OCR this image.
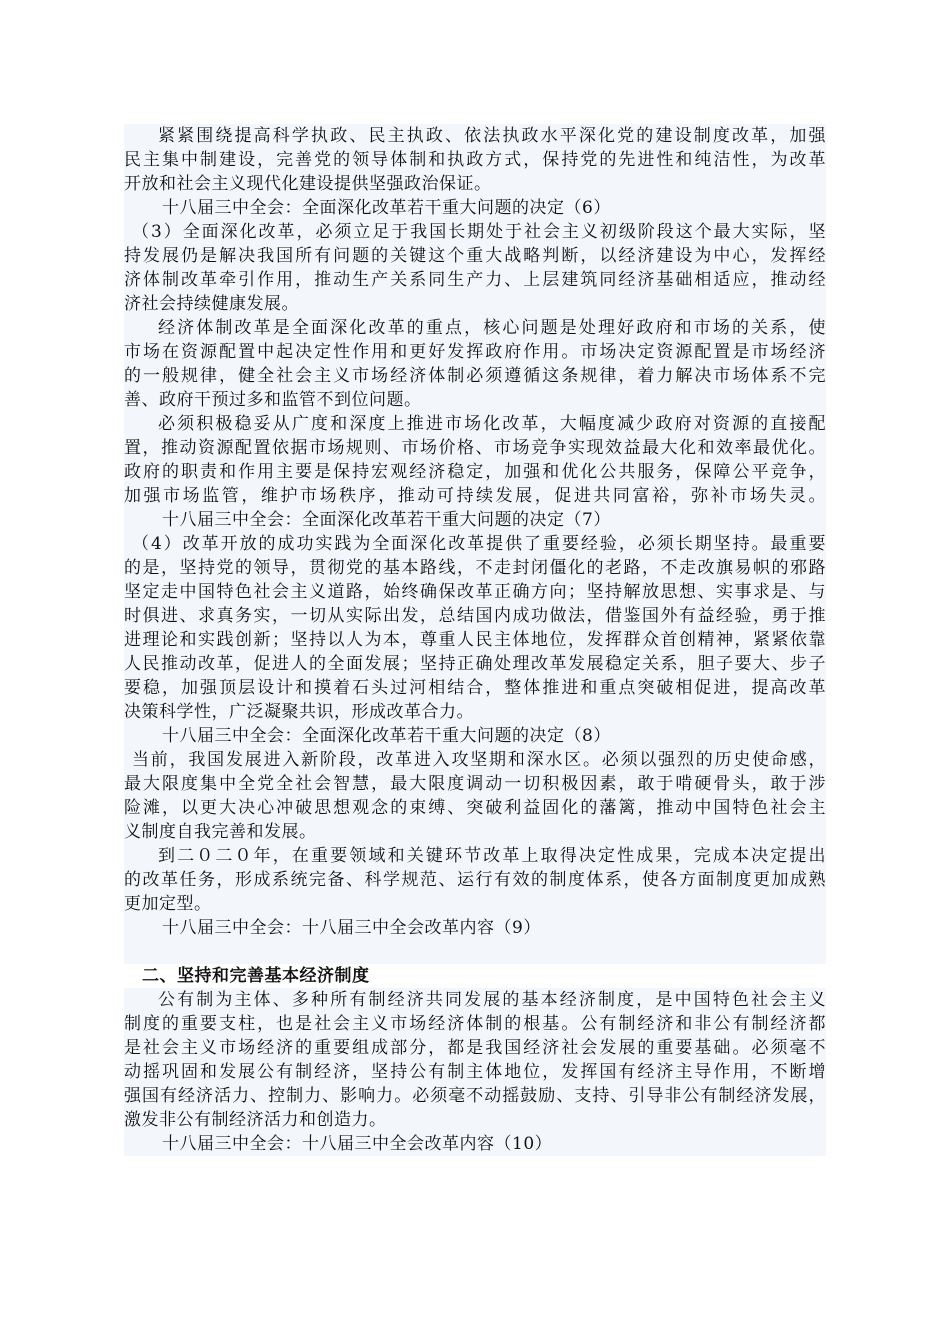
紧紧围绕提高科学执政、民主执政、依法执政水平深化党的建设制度改革，加强
民主集中制建设，完善党的领导体制和执政方式，保持党的先进性和纯洁性，为改革
开放和社会主义现代化建设提供坚强政治保证。
十八届三中全会：全面深化改革若干重大问题的决定（6）
（3）全面深化改革，必须立足于我国长期处于社会主义初级阶段这个最大实际，坚
持发展仍是解决我国所有问题的关键这个重大战略判断，以经济建设为中心，发挥经
济体制改革牵引作用，推动生产关系同生产力、上层建筑同经济基础相适应，推动经
济社会持续健康发展。
经济体制改革是全面深化改革的重点，核心问题是处理好政府和市场的关系，使
市场在资源配置中起决定性作用和更好发挥政府作用。市场决定资源配置是市场经济
的一般规律，健全社会主义市场经济体制必须遵循这条规律，着力解决市场体系不完
善、政府干预过多和监管不到位问题。
必须积极稳妥从广度和深度上推进市场化改革，大幅度减少政府对资源的直接配
置，推动资源配置依据市场规则、市场价格、市场竞争实现效益最大化和效率最优化。
政府的职责和作用主要是保持宏观经济稳定，加强和优化公共服务，保障公平竞争，
加强市场监管，维护市场秩序，推动可持续发展，促进共同富裕，弥补市场失灵。
十八届三中全会：全面深化改革若干重大问题的决定（7）
（4）改革开放的成功实践为全面深化改革提供了重要经验，必须长期坚持。最重要
的是，坚持党的领导，贯彻党的基本路线，不走封闭僵化的老路，不走改旗易帜的邪路
坚定走中国特色社会主义道路，始终确保改革正确方向；坚持解放思想、实事求是、与
时俱进、求真务实，一切从实际出发，总结国内成功做法，借鉴国外有益经验，勇于推
进理论和实践创新；坚持以人为本，尊重人民主体地位，发挥群众首创精神，紧紧依靠
人民推动改革，促进人的全面发展；坚持正确处理改革发展稳定关系，胆子要大、步子
要稳，加强顶层设计和摸着石头过河相结合，整体推进和重点突破相促进，提高改革
决策科学性，广泛凝聚共识，形成改革合力。
十八届三中全会：全面深化改革若干重大问题的决定（8）
当前，我国发展进入新阶段，改革进入攻坚期和深水区。必须以强烈的历史使命感，
最大限度集中全党全社会智慧，最大限度调动一切积极因素，敢于啃硬骨头，敢于涉
险滩，以更大决心冲破思想观念的束缚、突破利益固化的藩篱，推动中国特色社会主
义制度自我完善和发展。
到二０二０年，在重要领域和关键环节改革上取得决定性成果，完成本决定提出
的改革任务，形成系统完备、科学规范、运行有效的制度体系，使各方面制度更加成熟
更加定型。
十八届三中全会：十八届三中全会改革内容（9）
二、坚持和完善基本经济制度
公有制为主体、多种所有制经济共同发展的基本经济制度，是中国特色社会主义
制度的重要支柱，也是社会主义市场经济体制的根基。公有制经济和非公有制经济都
是社会主义市场经济的重要组成部分，都是我国经济社会发展的重要基础。必须毫不
动摇巩固和发展公有制经济，坚持公有制主体地位，发挥国有经济主导作用，不断增
强国有经济活力、控制力、影响力。必须毫不动摇鼓励、支持、引导非公有制经济发展，
激发非公有制经济活力和创造力。
十八届三中全会：十八届三中全会改革内容（10）
